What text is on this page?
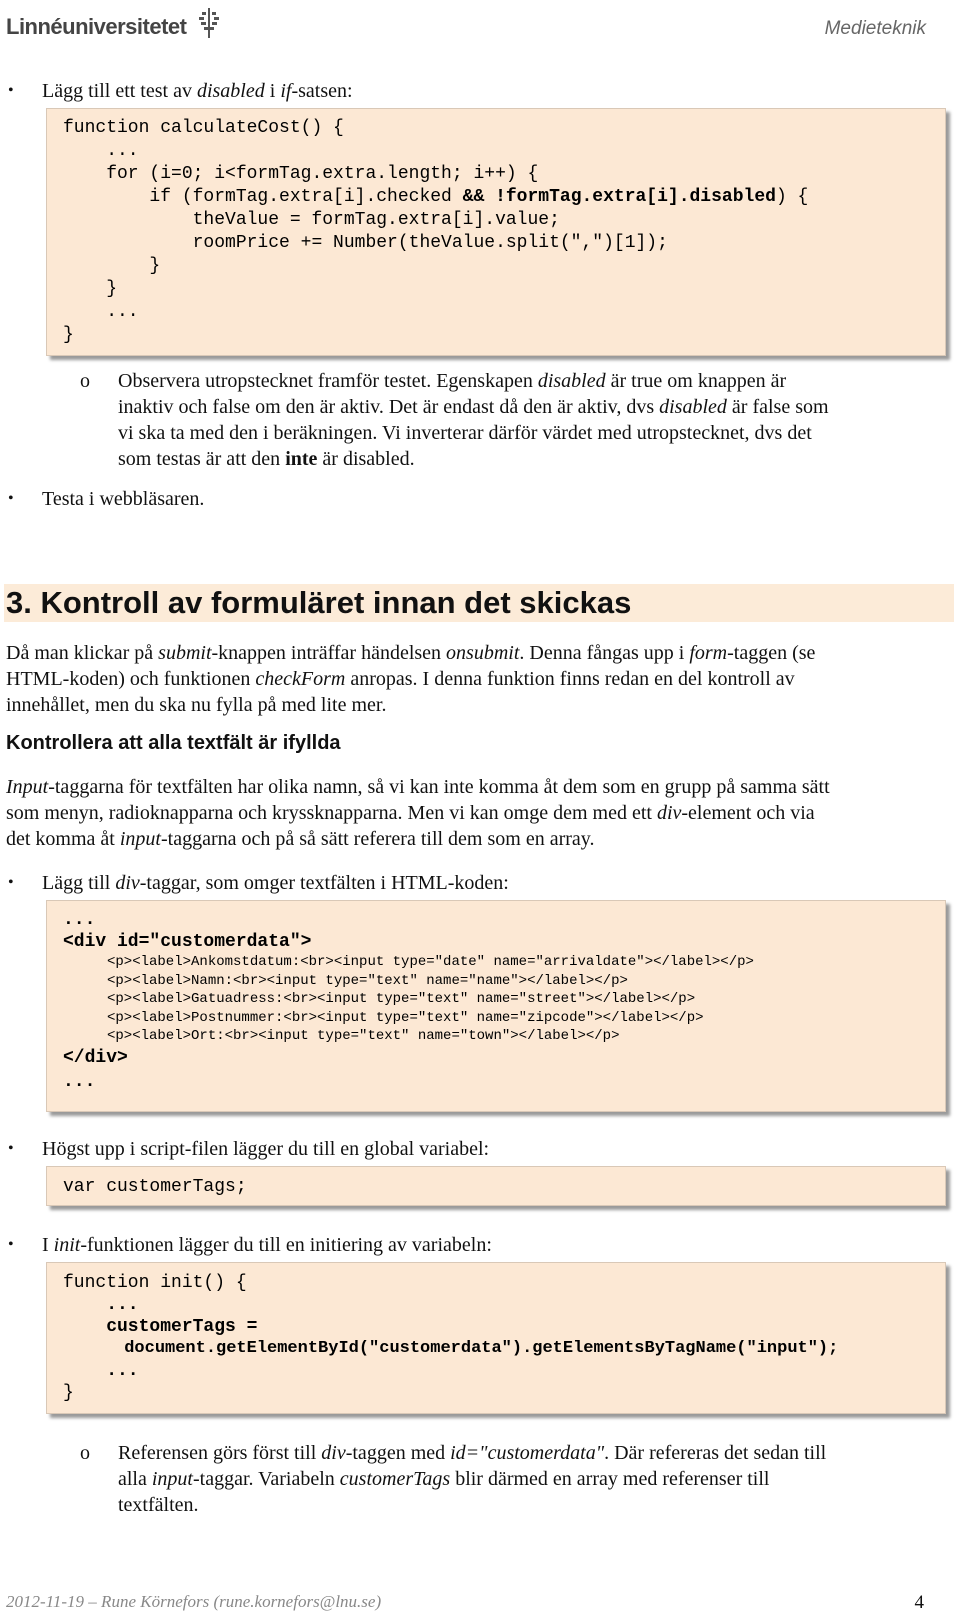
Linnéuniversitetet	Medieteknik
• Lägg till ett test av disabled i if-satsen:
function calculateCost() {
...
for (i=0; i<formTag.extra.length; i++) {
if (formTag.extra[i].checked && !formTag.extra[i].disabled) {
theValue = formTag.extra[i].value;
roomPrice += Number(theValue.split(",")[1]);
}
}
...
}
o Observera utropstecknet framför testet. Egenskapen disabled är true om knappen är
inaktiv och false om den är aktiv. Det är endast då den är aktiv, dvs disabled är false som
vi ska ta med den i beräkningen. Vi inverterar därför värdet med utropstecknet, dvs det
som testas är att den inte är disabled.
• Testa i webbläsaren.
3. Kontroll av formuläret innan det skickas
Då man klickar på submit-knappen inträffar händelsen onsubmit. Denna fångas upp i form-taggen (se
HTML-koden) och funktionen checkForm anropas. I denna funktion finns redan en del kontroll av
innehållet, men du ska nu fylla på med lite mer.
Kontrollera att alla textfält är ifyllda
Input-taggarna för textfälten har olika namn, så vi kan inte komma åt dem som en grupp på samma sätt
som menyn, radioknapparna och kryssknapparna. Men vi kan omge dem med ett div-element och via
det komma åt input-taggarna och på så sätt referera till dem som en array.
• Lägg till div-taggar, som omger textfälten i HTML-koden:
...
<div id="customerdata">
<p><label>Ankomstdatum:<br><input type="date" name="arrivaldate"></label></p>
<p><label>Namn:<br><input type="text" name="name"></label></p>
<p><label>Gatuadress:<br><input type="text" name="street"></label></p>
<p><label>Postnummer:<br><input type="text" name="zipcode"></label></p>
<p><label>Ort:<br><input type="text" name="town"></label></p>
</div>
...
• Högst upp i script-filen lägger du till en global variabel:
var customerTags;
• I init-funktionen lägger du till en initiering av variabeln:
function init() {
...
customerTags =
document.getElementById("customerdata").getElementsByTagName("input");
...
}
o Referensen görs först till div-taggen med id="customerdata". Där refereras det sedan till
alla input-taggar. Variabeln customerTags blir därmed en array med referenser till
textfälten.
2012-11-19 – Rune Körnefors (rune.kornefors@lnu.se)	4
